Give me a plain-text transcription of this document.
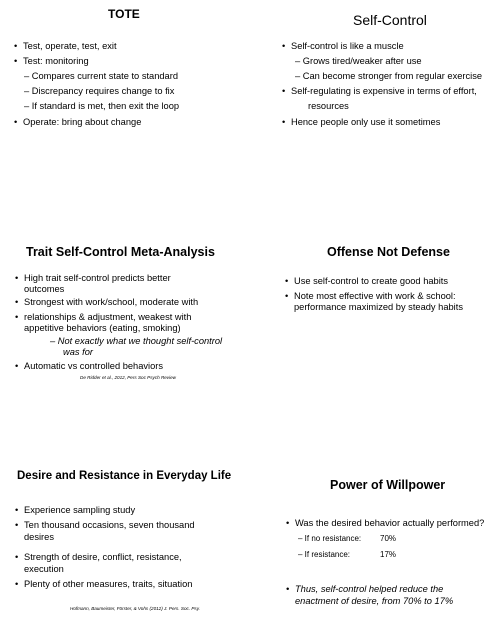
TOTE
• Test, operate, test, exit
• Test: monitoring
– Compares current state to standard
– Discrepancy requires change to fix
– If standard is met, then exit the loop
• Operate: bring about change
Self-Control
• Self-control is like a muscle
– Grows tired/weaker after use
– Can become stronger from regular exercise
• Self-regulating is expensive in terms of effort,
resources
• Hence people only use it sometimes
Trait Self-Control Meta-Analysis
• High trait self-control predicts better
outcomes
• Strongest with work/school, moderate with
• relationships & adjustment, weakest with
appetitive behaviors (eating, smoking)
– Not exactly what we thought self-control
was for
• Automatic vs controlled behaviors
De Ridder et al., 2012, Pers Soc Psych Review
Offense Not Defense
• Use self-control to create good habits
• Note most effective with work & school:
performance maximized by steady habits
Desire and Resistance in Everyday Life
• Experience sampling study
• Ten thousand occasions, seven thousand
desires
• Strength of desire, conflict, resistance,
execution
• Plenty of other measures, traits, situation
Hofmann, Baumeister, Förster, & Vohs (2012) J. Pers. Soc. Psy.
Power of Willpower
• Was the desired behavior actually performed?
– If no resistance: 70%
– If resistance:	17%
• Thus, self-control helped reduce the
enactment of desire, from 70% to 17%
